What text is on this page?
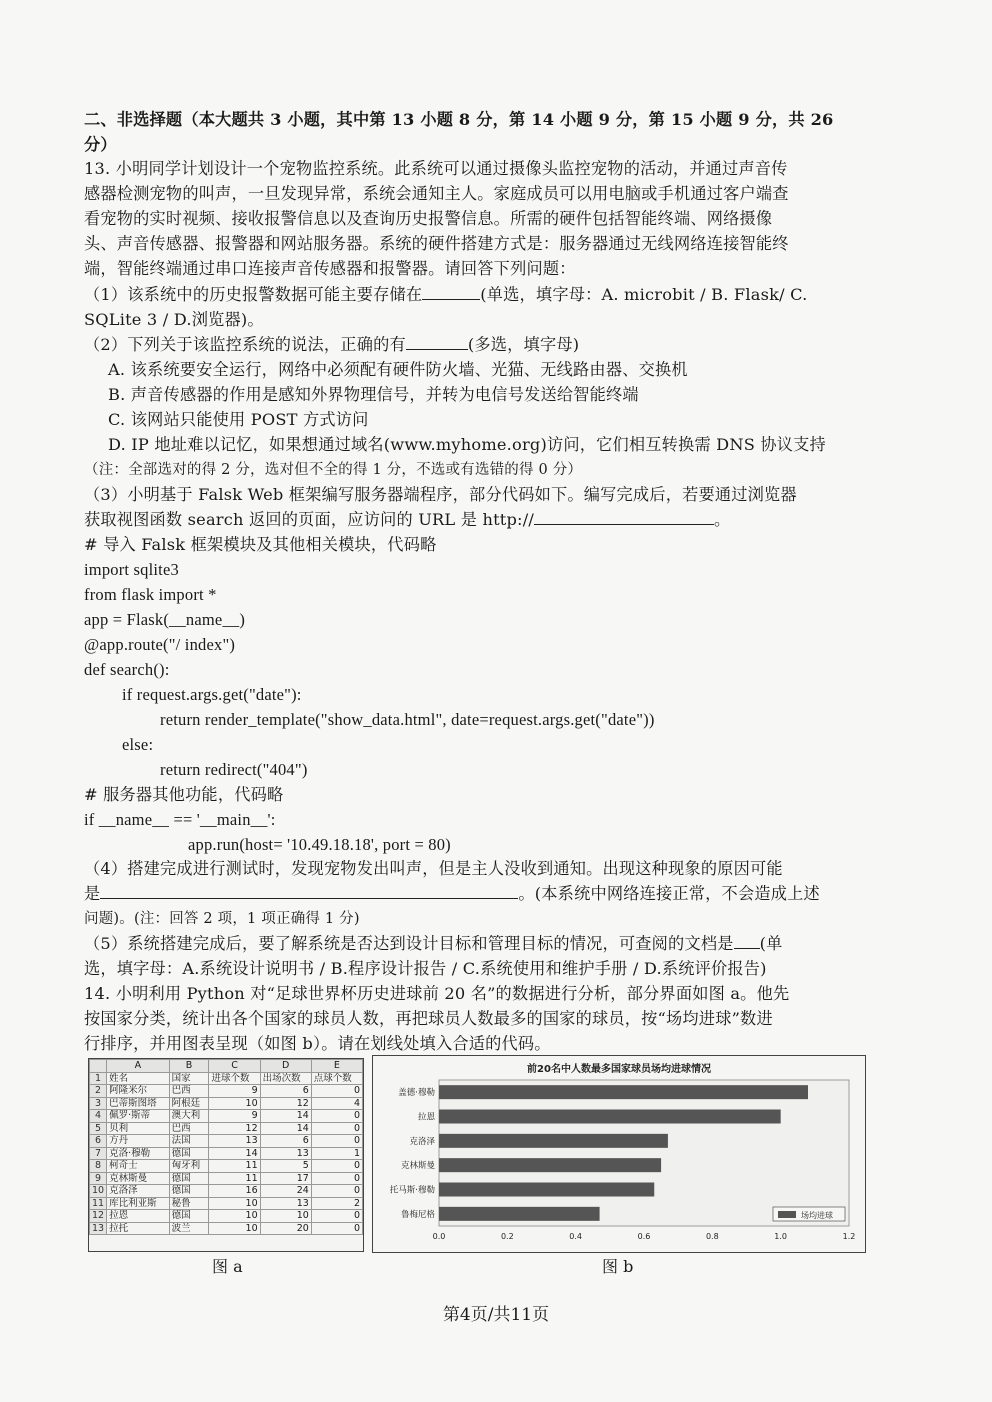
二、非选择题（本大题共 3 小题，其中第 13 小题 8 分，第 14 小题 9 分，第 15 小题 9 分，共 26
分）
13. 小明同学计划设计一个宠物监控系统。此系统可以通过摄像头监控宠物的活动，并通过声音传
感器检测宠物的叫声，一旦发现异常，系统会通知主人。家庭成员可以用电脑或手机通过客户端查
看宠物的实时视频、接收报警信息以及查询历史报警信息。所需的硬件包括智能终端、网络摄像
头、声音传感器、报警器和网站服务器。系统的硬件搭建方式是：服务器通过无线网络连接智能终
端，智能终端通过串口连接声音传感器和报警器。请回答下列问题：
（1）该系统中的历史报警数据可能主要存储在	(单选，填字母：A. microbit / B. Flask/ C.
SQLite 3 / D.浏览器)。
（2）下列关于该监控系统的说法，正确的有	(多选，填字母)
A. 该系统要安全运行，网络中必须配有硬件防火墙、光猫、无线路由器、交换机
B. 声音传感器的作用是感知外界物理信号，并转为电信号发送给智能终端
C. 该网站只能使用 POST 方式访问
D. IP 地址难以记忆，如果想通过域名(www.myhome.org)访问，它们相互转换需 DNS 协议支持
（注：全部选对的得 2 分，选对但不全的得 1 分，不选或有选错的得 0 分）
（3）小明基于 Falsk Web 框架编写服务器端程序，部分代码如下。编写完成后，若要通过浏览器
获取视图函数 search 返回的页面，应访问的 URL 是 http://	。
# 导入 Falsk 框架模块及其他相关模块，代码略
import sqlite3
from flask import *
app = Flask(__name__)
@app.route("/ index")
def search():
if request.args.get("date"):
return render_template("show_data.html", date=request.args.get("date"))
else:
return redirect("404")
# 服务器其他功能，代码略
if __name__ == '__main__':
app.run(host= '10.49.18.18', port = 80)
（4）搭建完成进行测试时，发现宠物发出叫声，但是主人没收到通知。出现这种现象的原因可能
是	。(本系统中网络连接正常，不会造成上述
问题)。(注：回答 2 项，1 项正确得 1 分)
（5）系统搭建完成后，要了解系统是否达到设计目标和管理目标的情况，可查阅的文档是 (单
选，填字母：A.系统设计说明书 / B.程序设计报告 / C.系统使用和维护手册 / D.系统评价报告)
14. 小明利用 Python 对“足球世界杯历史进球前 20 名”的数据进行分析，部分界面如图 a。他先
按国家分类，统计出各个国家的球员人数，再把球员人数最多的国家的球员，按“场均进球”数进
行排序，并用图表呈现（如图 b）。请在划线处填入合适的代码。
	A	B	C	D	E
1	姓名	国家	进球个数	出场次数	点球个数
2	阿隆米尔	巴西	9	6	0
3	巴蒂斯图塔	阿根廷	10	12	4
4	佩罗·斯蒂	澳大利	9	14	0
5	贝利	巴西	12	14	0
6	方丹	法国	13	6	0
7	克洛·穆勒	德国	14	13	1
8	柯奇士	匈牙利	11	5	0
9	克林斯曼	德国	11	17	0
10	克洛泽	德国	16	24	0
11	库比利亚斯	秘鲁	10	13	2
12	拉恩	德国	10	10	0
13	拉托	波兰	10	20	0
图 a
前20名中人数最多国家球员场均进球情况
盖德·穆勒
拉恩
克洛泽
克林斯曼
托马斯·穆勒
鲁梅尼格
0.0	0.2	0.4	0.6	0.8	1.0	1.2
场均进球
图 b
第4页/共11页
